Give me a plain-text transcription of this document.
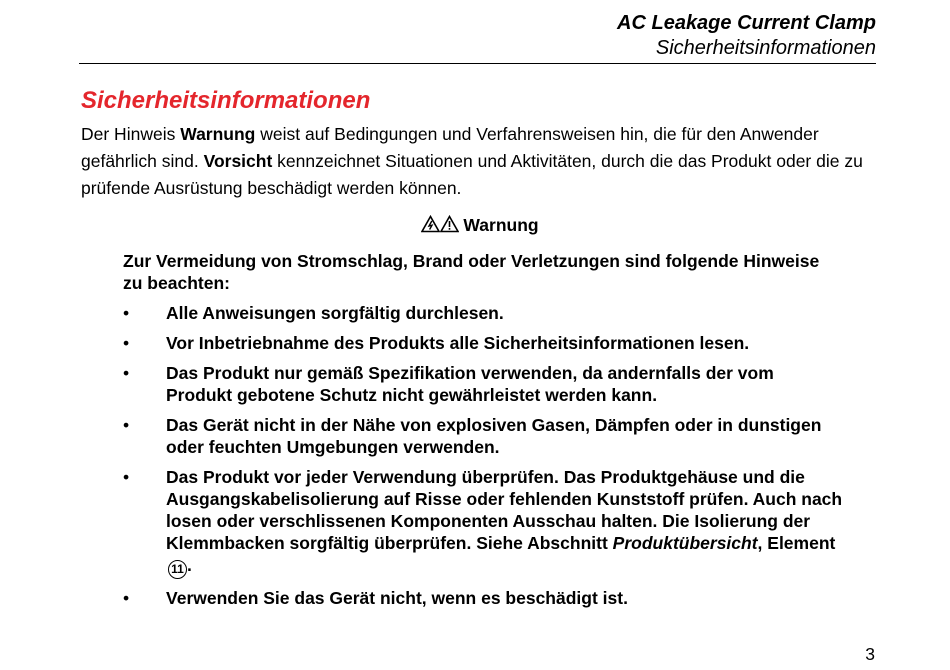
AC Leakage Current Clamp
Sicherheitsinformationen
Sicherheitsinformationen

Der Hinweis Warnung weist auf Bedingungen und Verfahrensweisen hin, die für den Anwender gefährlich sind. Vorsicht kennzeichnet Situationen und Aktivitäten, durch die das Produkt oder die zu prüfende Ausrüstung beschädigt werden können.

Warnung

Zur Vermeidung von Stromschlag, Brand oder Verletzungen sind folgende Hinweise zu beachten:

• Alle Anweisungen sorgfältig durchlesen.
• Vor Inbetriebnahme des Produkts alle Sicherheitsinformationen lesen.
• Das Produkt nur gemäß Spezifikation verwenden, da andernfalls der vom Produkt gebotene Schutz nicht gewährleistet werden kann.
• Das Gerät nicht in der Nähe von explosiven Gasen, Dämpfen oder in dunstigen oder feuchten Umgebungen verwenden.
• Das Produkt vor jeder Verwendung überprüfen. Das Produktgehäuse und die Ausgangskabelisolierung auf Risse oder fehlenden Kunststoff prüfen. Auch nach losen oder verschlissenen Komponenten Ausschau halten. Die Isolierung der Klemmbacken sorgfältig überprüfen. Siehe Abschnitt Produktübersicht, Element 11 .
• Verwenden Sie das Gerät nicht, wenn es beschädigt ist.
3
